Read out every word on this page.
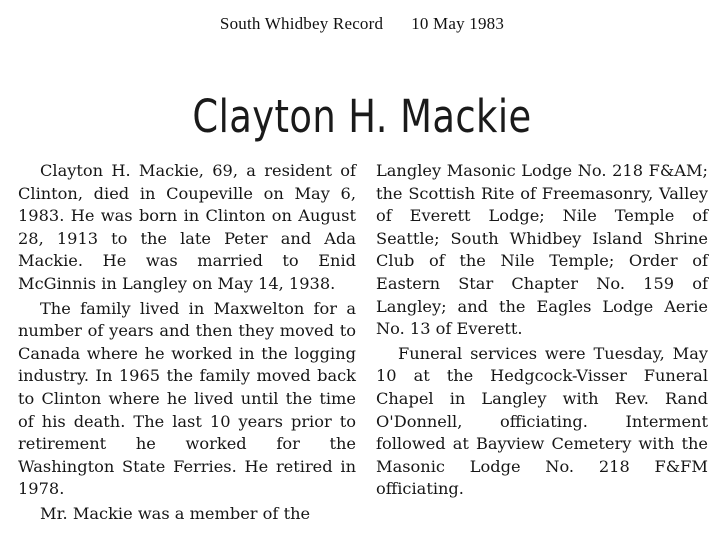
South Whidbey Record 10 May 1983
Clayton H. Mackie

Clayton H. Mackie, 69, a resident of Clinton, died in Coupeville on May 6, 1983. He was born in Clinton on August 28, 1913 to the late Peter and Ada Mackie. He was married to Enid McGinnis in Langley on May 14, 1938.

The family lived in Maxwelton for a number of years and then they moved to Canada where he worked in the logging industry. In 1965 the family moved back to Clinton where he lived until the time of his death. The last 10 years prior to retirement he worked for the Washington State Ferries. He retired in 1978.

Mr. Mackie was a member of the

Langley Masonic Lodge No. 218 F&AM; the Scottish Rite of Freemasonry, Valley of Everett Lodge; Nile Temple of Seattle; South Whidbey Island Shrine Club of the Nile Temple; Order of Eastern Star Chapter No. 159 of Langley; and the Eagles Lodge Aerie No. 13 of Everett.

Funeral services were Tuesday, May 10 at the Hedgcock-Visser Funeral Chapel in Langley with Rev. Rand O'Donnell, officiating. Interment followed at Bayview Cemetery with the Masonic Lodge No. 218 F&FM officiating.
